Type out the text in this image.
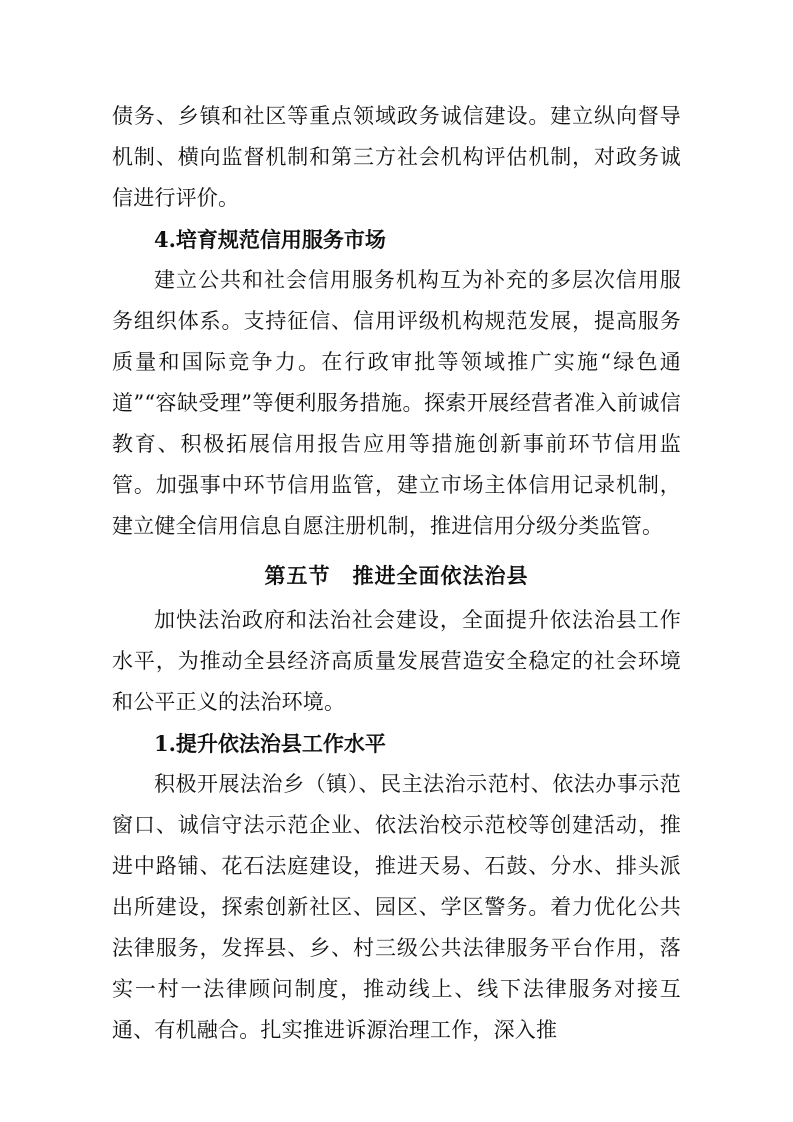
债务、乡镇和社区等重点领域政务诚信建设。建立纵向督导机制、横向监督机制和第三方社会机构评估机制，对政务诚信进行评价。

4.培育规范信用服务市场

建立公共和社会信用服务机构互为补充的多层次信用服务组织体系。支持征信、信用评级机构规范发展，提高服务质量和国际竞争力。在行政审批等领域推广实施“绿色通道”“容缺受理”等便利服务措施。探索开展经营者准入前诚信教育、积极拓展信用报告应用等措施创新事前环节信用监管。加强事中环节信用监管，建立市场主体信用记录机制，建立健全信用信息自愿注册机制，推进信用分级分类监管。

第五节　推进全面依法治县

加快法治政府和法治社会建设，全面提升依法治县工作水平，为推动全县经济高质量发展营造安全稳定的社会环境和公平正义的法治环境。

1.提升依法治县工作水平

积极开展法治乡（镇）、民主法治示范村、依法办事示范窗口、诚信守法示范企业、依法治校示范校等创建活动，推进中路铺、花石法庭建设，推进天易、石鼓、分水、排头派出所建设，探索创新社区、园区、学区警务。着力优化公共法律服务，发挥县、乡、村三级公共法律服务平台作用，落实一村一法律顾问制度，推动线上、线下法律服务对接互通、有机融合。扎实推进诉源治理工作，深入推
